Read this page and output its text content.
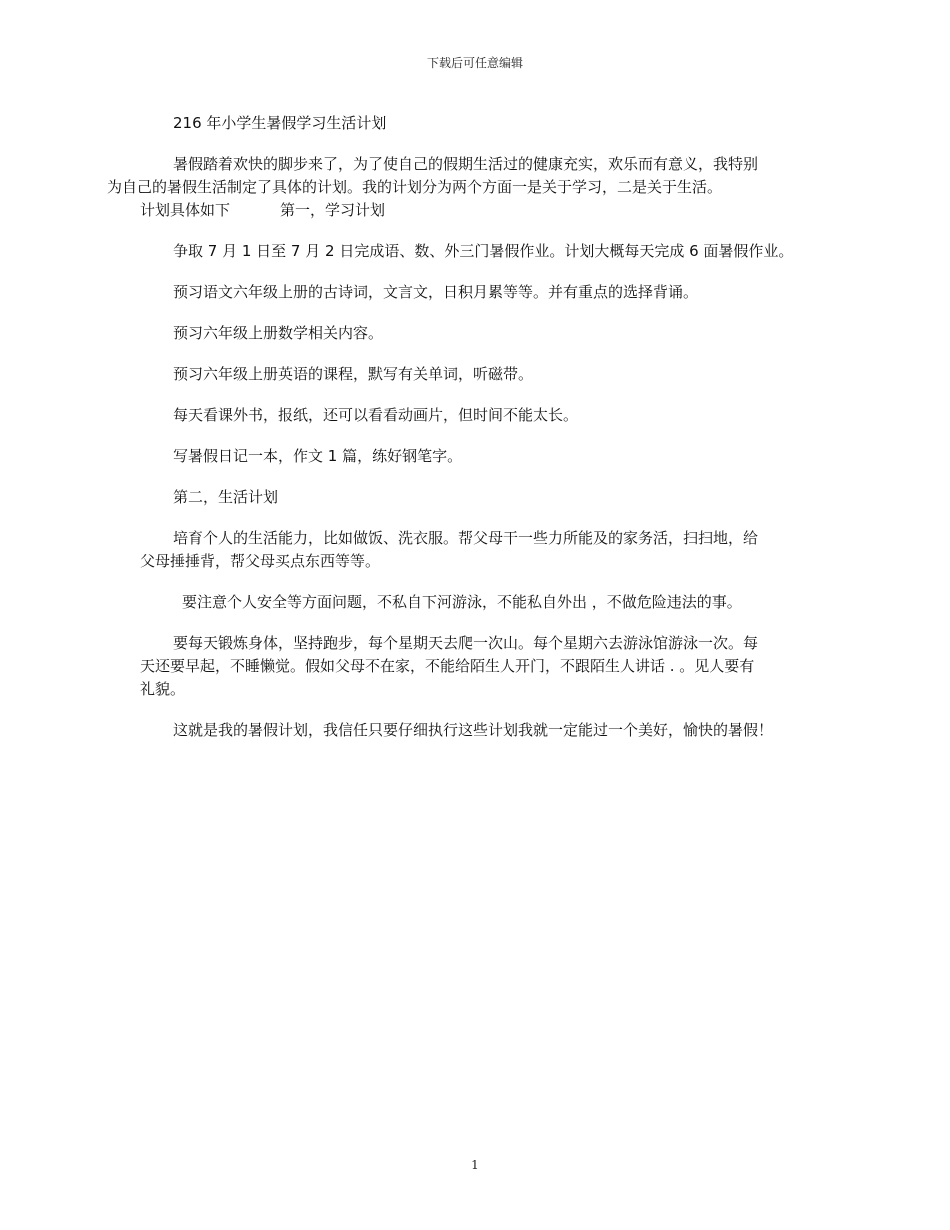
下载后可任意编辑

216 年小学生暑假学习生活计划

暑假踏着欢快的脚步来了，为了使自己的假期生活过的健康充实，欢乐而有意义，我特别
为自己的暑假生活制定了具体的计划。我的计划分为两个方面一是关于学习，二是关于生活。
计划具体如下	第一，学习计划

争取 7 月 1 日至 7 月 2 日完成语、数、外三门暑假作业。计划大概每天完成 6 面暑假作业。

预习语文六年级上册的古诗词，文言文，日积月累等等。并有重点的选择背诵。

预习六年级上册数学相关内容。

预习六年级上册英语的课程，默写有关单词，听磁带。

每天看课外书，报纸，还可以看看动画片，但时间不能太长。

写暑假日记一本，作文 1 篇，练好钢笔字。

第二，生活计划

培育个人的生活能力，比如做饭、洗衣服。帮父母干一些力所能及的家务活，扫扫地，给
父母捶捶背，帮父母买点东西等等。

要注意个人安全等方面问题，不私自下河游泳，不能私自外出 ，不做危险违法的事。

要每天锻炼身体，坚持跑步，每个星期天去爬一次山。每个星期六去游泳馆游泳一次。每
天还要早起，不睡懒觉。假如父母不在家，不能给陌生人开门，不跟陌生人讲话 . 。见人要有
礼貌。

这就是我的暑假计划，我信任只要仔细执行这些计划我就一定能过一个美好，愉快的暑假！

1
